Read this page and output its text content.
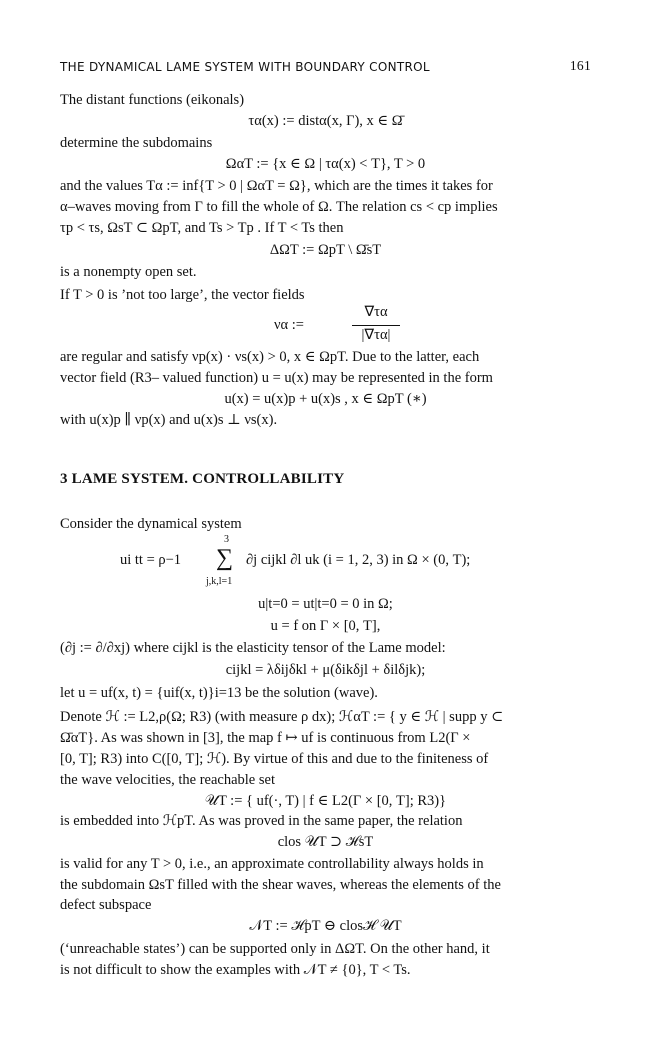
THE DYNAMICAL LAME SYSTEM WITH BOUNDARY CONTROL	161
The distant functions (eikonals)
τα(x) := distα(x, Γ), x ∈ Ω̄
determine the subdomains
ΩαT := {x ∈ Ω | τα(x) < T}, T > 0
and the values Tα := inf{T > 0 | ΩαT = Ω}, which are the times it takes for
α–waves moving from Γ to fill the whole of Ω. The relation cs < cp implies
τp < τs, ΩsT ⊂ ΩpT, and Ts > Tp . If T < Ts then
ΔΩT := ΩpT \ Ω̄sT
is a nonempty open set.
If T > 0 is ’not too large’, the vector fields
να :=
∇τα
|∇τα|
are regular and satisfy νp(x) · νs(x) > 0, x ∈ ΩpT. Due to the latter, each
vector field (R3– valued function) u = u(x) may be represented in the form
u(x) = u(x)p + u(x)s , x ∈ ΩpT (∗)
with u(x)p ∥ νp(x) and u(x)s ⊥ νs(x).
3 LAME SYSTEM. CONTROLLABILITY
Consider the dynamical system
ui tt = ρ−1
3
∑ ∂j cijkl ∂l uk (i = 1, 2, 3) in Ω × (0, T);
j,k,l=1
u|t=0 = ut|t=0 = 0 in Ω;
u = f on Γ × [0, T],
(∂j := ∂/∂xj) where cijkl is the elasticity tensor of the Lame model:
cijkl = λδijδkl + μ(δikδjl + δilδjk);
let u = uf(x, t) = {uif(x, t)}i=13 be the solution (wave).
Denote ℋ := L2,ρ(Ω; R3) (with measure ρ dx); ℋαT := { y ∈ ℋ | supp y ⊂
Ω̄αT}. As was shown in [3], the map f ↦ uf is continuous from L2(Γ ×
[0, T]; R3) into C([0, T]; ℋ). By virtue of this and due to the finiteness of
the wave velocities, the reachable set
𝒰T := { uf(·, T) | f ∈ L2(Γ × [0, T]; R3)}
is embedded into ℋpT. As was proved in the same paper, the relation
clos 𝒰T ⊃ ℋsT
is valid for any T > 0, i.e., an approximate controllability always holds in
the subdomain ΩsT filled with the shear waves, whereas the elements of the
defect subspace
𝒩T := ℋpT ⊖ closℋ 𝒰T
(‘unreachable states’) can be supported only in ΔΩT. On the other hand, it
is not difficult to show the examples with 𝒩T ≠ {0}, T < Ts.
